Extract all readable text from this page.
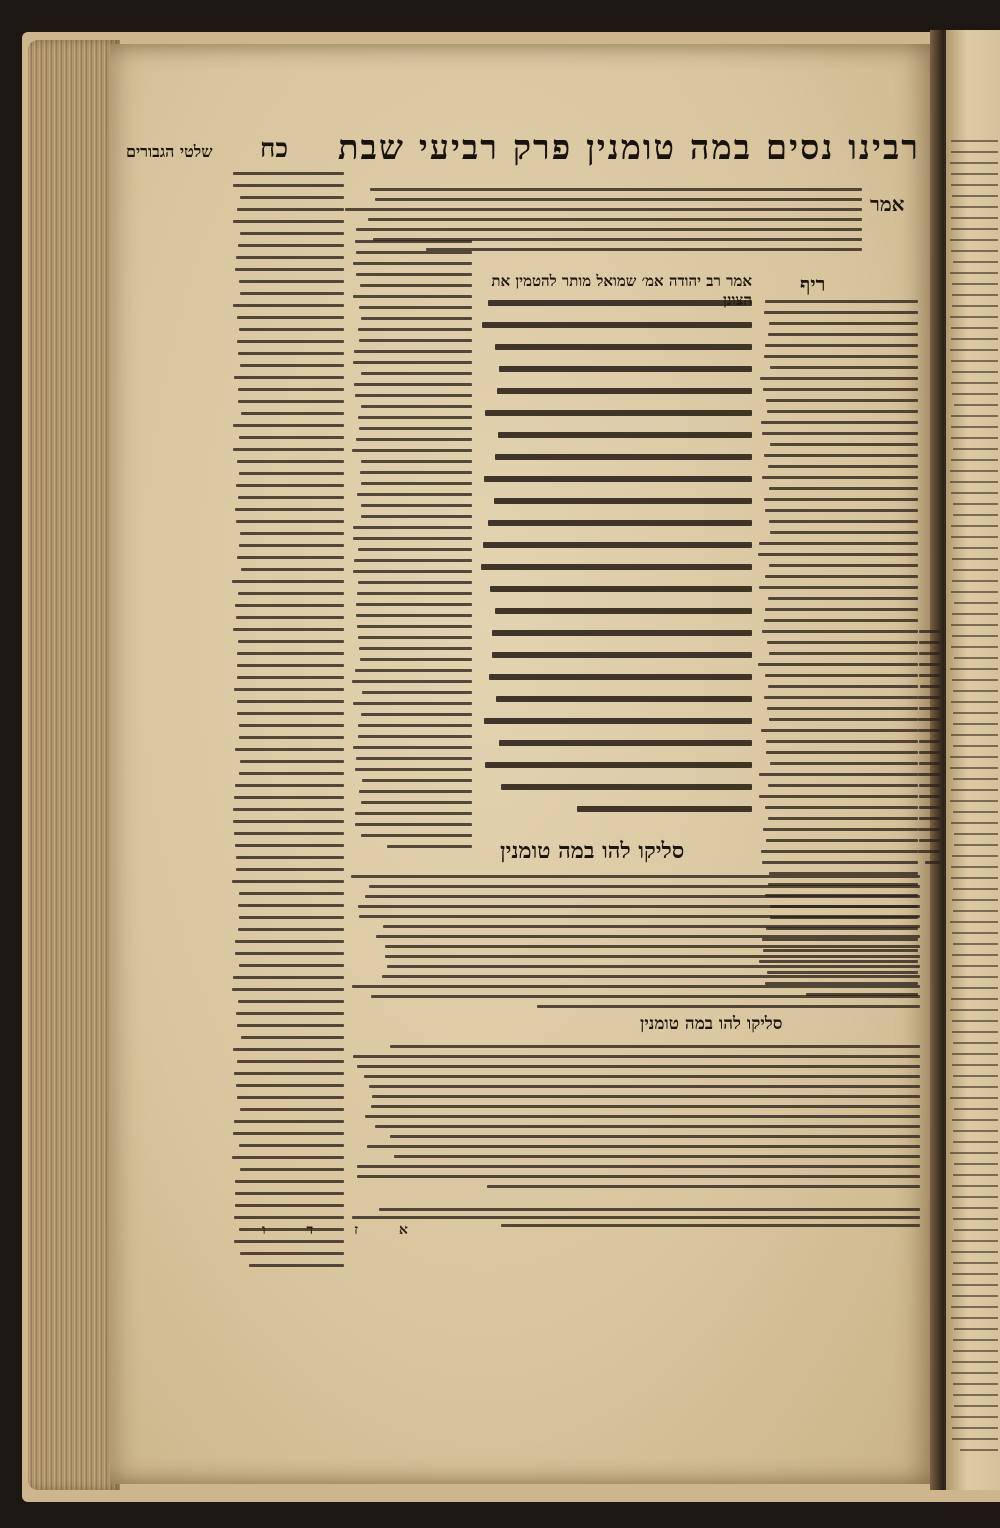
רבינו נסים במה טומנין פרק רביעי שבת
כח
שלטי הגבורים
אמר
ריף
אמר רב יהודה אמ׳ שמואל מותר להטמין את
סליקו להו במה טומנין
סליקו להו במה טומנין
א ז ד ו
